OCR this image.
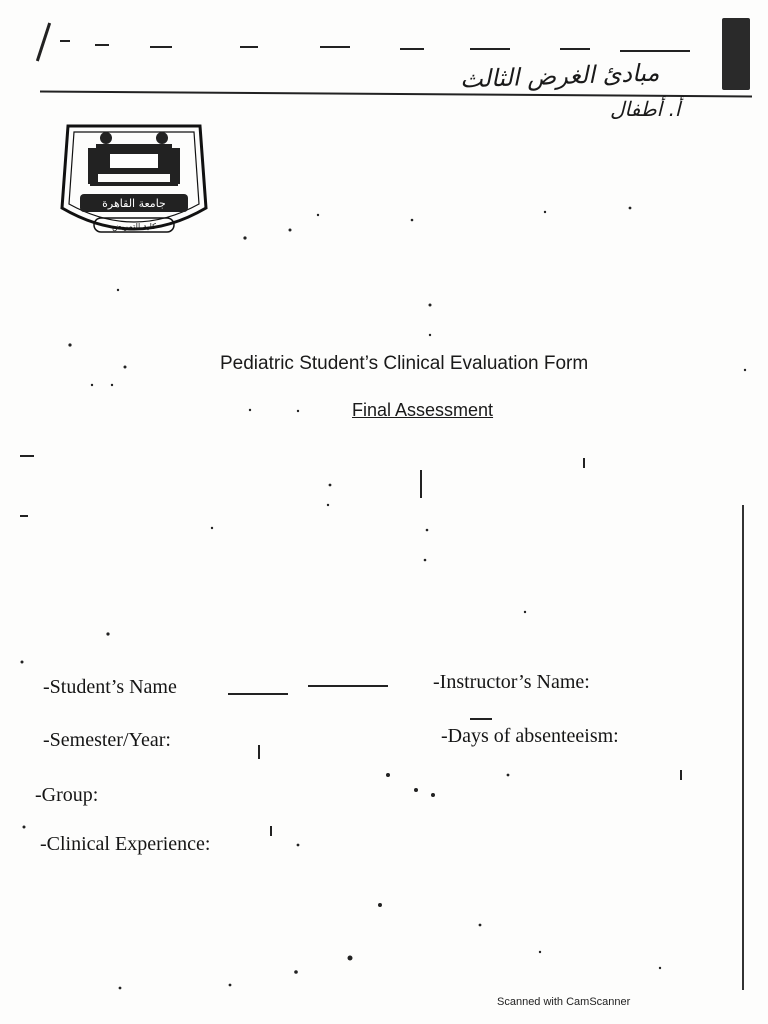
مبادئ الغرض الثالث
أ. أطفال
جامعة القاهرة
كلية التمريض
Pediatric Student’s Clinical Evaluation Form
Final Assessment
-Student’s Name	-Instructor’s Name:
-Semester/Year:	-Days of absenteeism:
-Group:
-Clinical Experience:
Scanned with CamScanner
